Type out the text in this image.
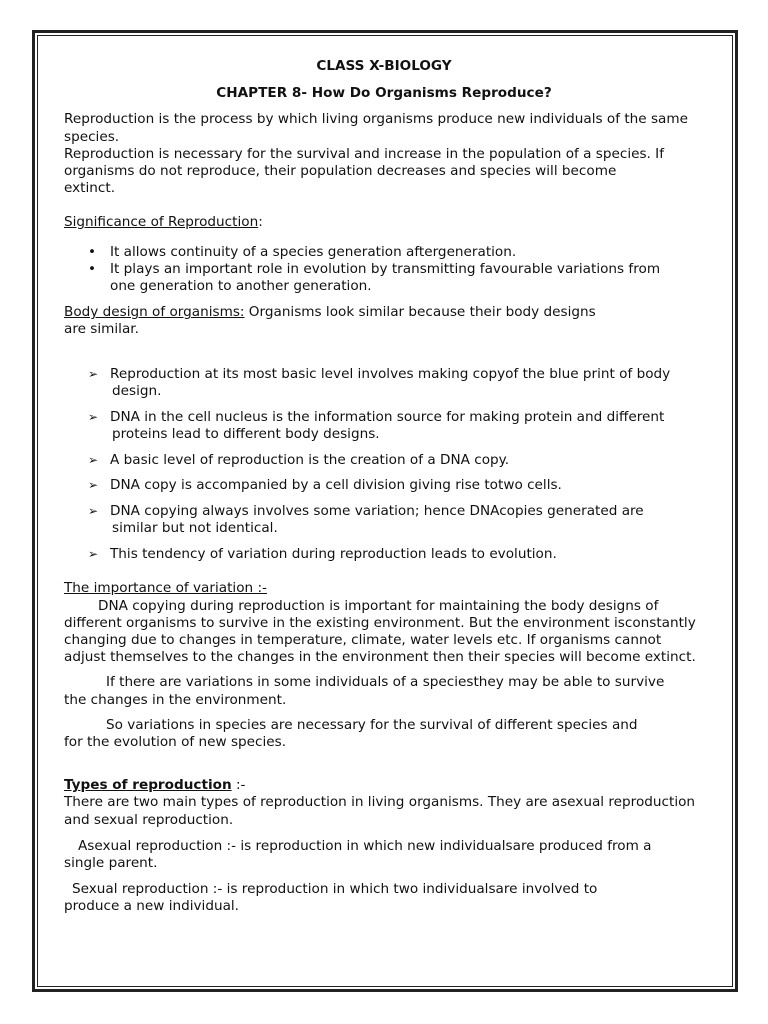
CLASS X-BIOLOGY
CHAPTER 8- How Do Organisms Reproduce?

Reproduction is the process by which living organisms produce new individuals of the same
species.

Reproduction is necessary for the survival and increase in the population of a species. If
organisms do not reproduce, their population decreases and species will become
extinct.

Significance of Reproduction:

• It allows continuity of a species generation aftergeneration.
• It plays an important role in evolution by transmitting favourable variations from
one generation to another generation.

Body design of organisms: Organisms look similar because their body designs
are similar.

➢ Reproduction at its most basic level involves making copyof the blue print of body

design.
➢ DNA in the cell nucleus is the information source for making protein and different

proteins lead to different body designs.
➢ A basic level of reproduction is the creation of a DNA copy.
➢ DNA copy is accompanied by a cell division giving rise totwo cells.
➢ DNA copying always involves some variation; hence DNAcopies generated are

similar but not identical.
➢ This tendency of variation during reproduction leads to evolution.

The importance of variation :-

DNA copying during reproduction is important for maintaining the body designs of
different organisms to survive in the existing environment. But the environment isconstantly
changing due to changes in temperature, climate, water levels etc. If organisms cannot
adjust themselves to the changes in the environment then their species will become extinct.

If there are variations in some individuals of a speciesthey may be able to survive
the changes in the environment.

So variations in species are necessary for the survival of different species and
for the evolution of new species.

Types of reproduction :-

There are two main types of reproduction in living organisms. They are asexual reproduction
and sexual reproduction.

Asexual reproduction :- is reproduction in which new individualsare produced from a
single parent.

Sexual reproduction :- is reproduction in which two individualsare involved to
produce a new individual.
